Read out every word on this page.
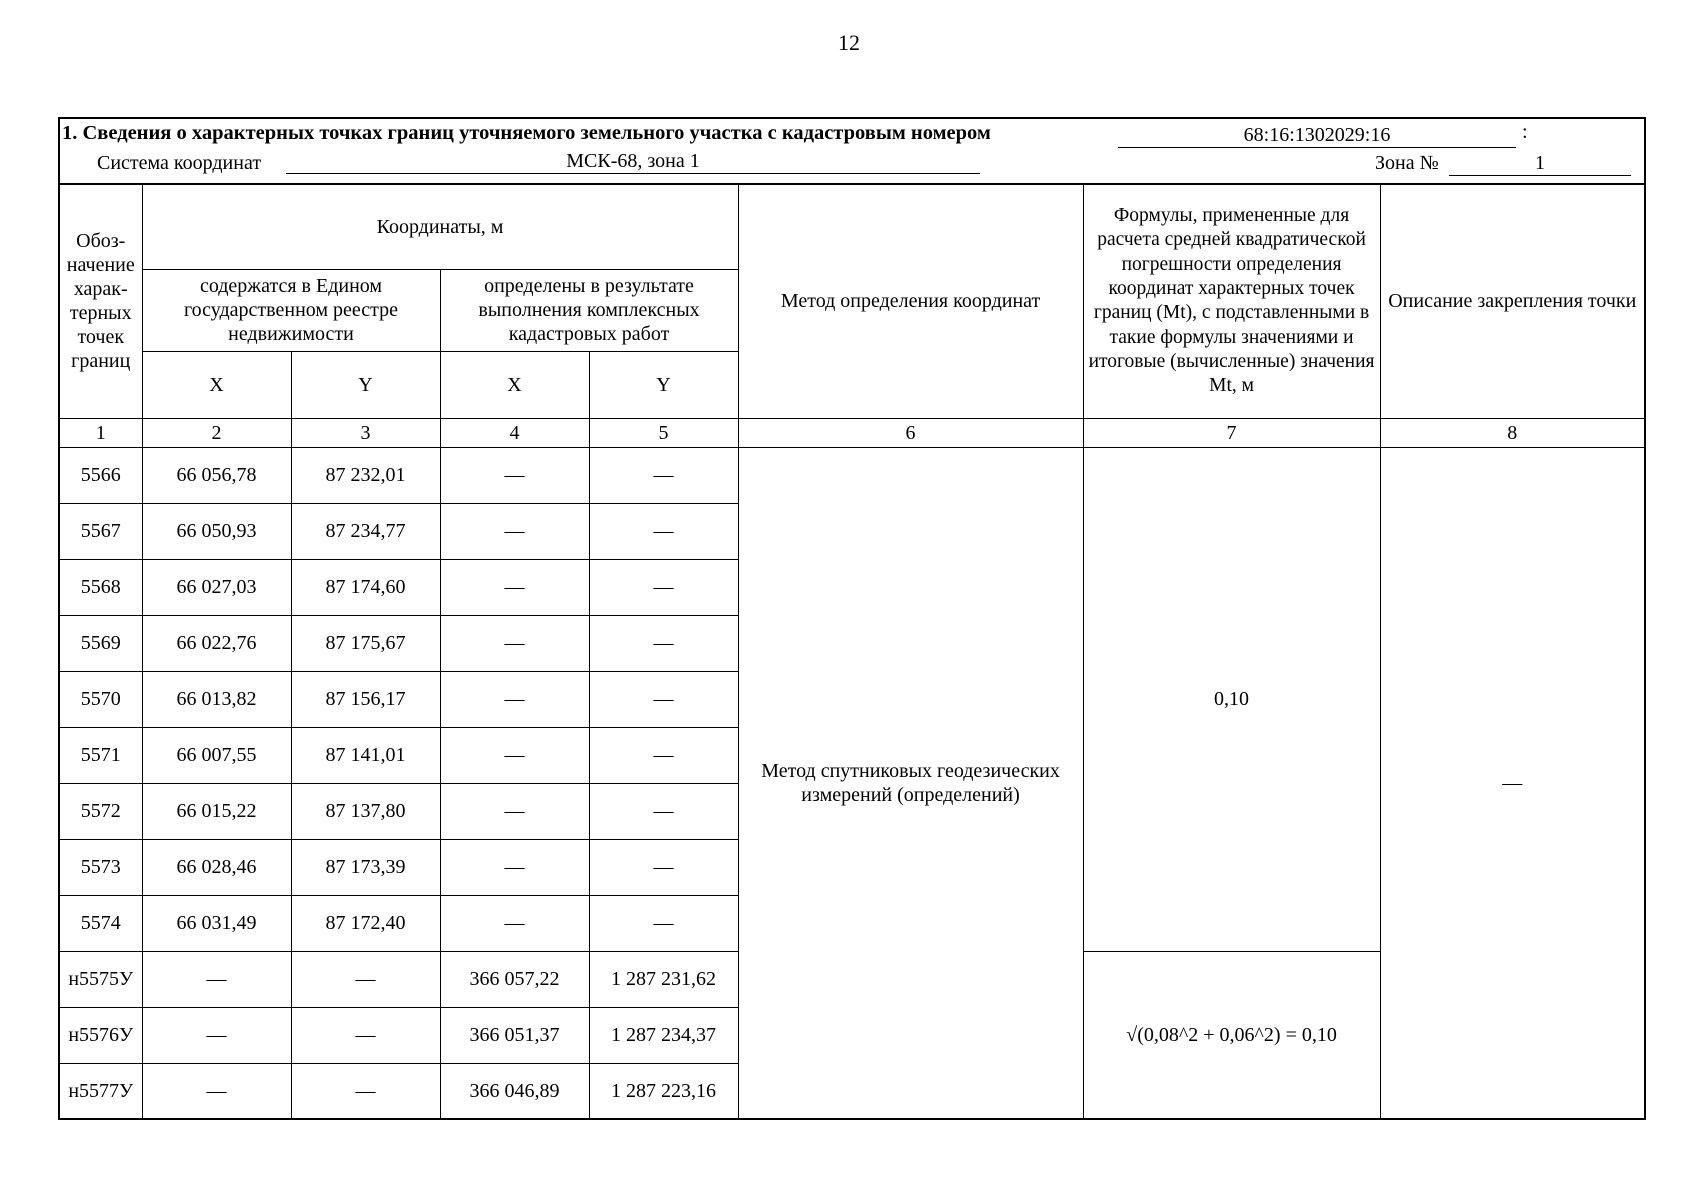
12
1. Сведения о характерных точках границ уточняемого земельного участка с кадастровым номером	68:16:1302029:16	:
Система координат	МСК-68, зона 1	Зона №	1
Обоз-начение харак-терных точек границ	Координаты, м				Метод определения координат	Формулы, примененные для расчета средней квадратической погрешности определения координат характерных точек границ (Mt), с подставленными в такие формулы значениями и итоговые (вычисленные) значения Mt, м	Описание закрепления точки
	содержатся в Едином государственном реестре недвижимости		определены в результате выполнения комплексных кадастровых работ				
	X	Y	X	Y			
1	2	3	4	5	6	7	8
5566	66 056,78	87 232,01	—	—	Метод спутниковых геодезических измерений (определений)	0,10	—
5567	66 050,93	87 234,77	—	—			
5568	66 027,03	87 174,60	—	—			
5569	66 022,76	87 175,67	—	—			
5570	66 013,82	87 156,17	—	—			
5571	66 007,55	87 141,01	—	—			
5572	66 015,22	87 137,80	—	—			
5573	66 028,46	87 173,39	—	—			
5574	66 031,49	87 172,40	—	—			
н5575У	—	—	366 057,22	1 287 231,62		√(0,08^2 + 0,06^2) = 0,10	
н5576У	—	—	366 051,37	1 287 234,37			
н5577У	—	—	366 046,89	1 287 223,16			
